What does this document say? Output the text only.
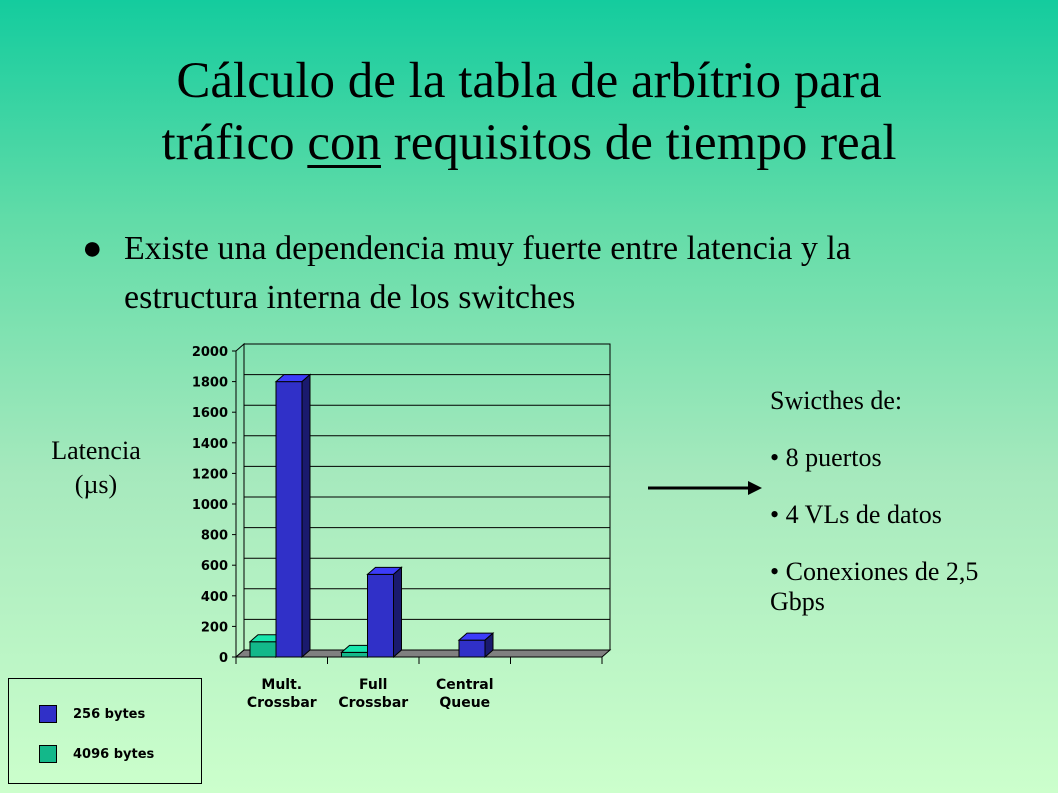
Cálculo de la tabla de arbítrio para
tráfico con requisitos de tiempo real
● Existe una dependencia muy fuerte entre latencia y la estructura interna de los switches
Latencia
(µs)
0
200
400
600
800
1000
1200
1400
1600
1800
2000
Mult.
Crossbar
Full
Crossbar
Central
Queue
256 bytes
4096 bytes

Swicthes de:

• 8 puertos

• 4 VLs de datos

• Conexiones de 2,5 Gbps
